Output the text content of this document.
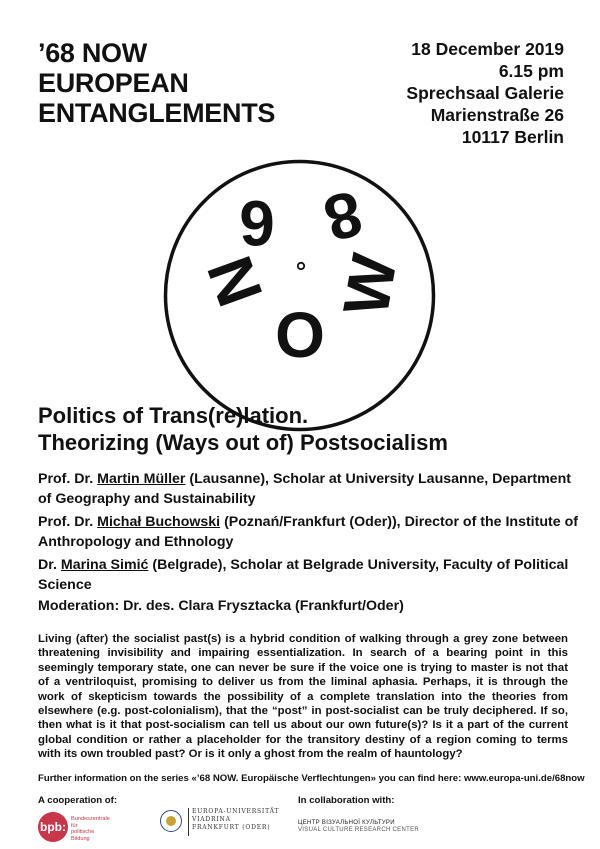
’68 NOW
EUROPEAN
ENTANGLEMENTS
18 December 2019
6.15 pm
Sprechsaal Galerie
Marienstraße 26
10117 Berlin
6 8
N
O
W
Politics of Trans(re)lation.
Theorizing (Ways out of) Postsocialism
Prof. Dr. Martin Müller (Lausanne), Scholar at University Lausanne, Department of Geography and Sustainability
Prof. Dr. Michał Buchowski (Poznań/Frankfurt (Oder)), Director of the Institute of Anthropology and Ethnology
Dr. Marina Simić (Belgrade), Scholar at Belgrade University, Faculty of Political Science
Moderation: Dr. des. Clara Frysztacka (Frankfurt/Oder)
Living (after) the socialist past(s) is a hybrid condition of walking through a grey zone between threatening invisibility and impairing essentialization. In search of a bearing point in this seemingly temporary state, one can never be sure if the voice one is trying to master is not that of a ventriloquist, promising to deliver us from the liminal aphasia. Perhaps, it is through the work of skepticism towards the possibility of a complete translation into the theories from elsewhere (e.g. post-colonialism), that the “post” in post-socialist can be truly deciphered. If so, then what is it that post-socialism can tell us about our own future(s)? Is it a part of the current global condition or rather a placeholder for the transitory destiny of a region coming to terms with its own troubled past? Or is it only a ghost from the realm of hauntology?
Further information on the series «’68 NOW. Europäische Verflechtungen» you can find here: www.europa-uni.de/68now
A cooperation of:	In collaboration with:
bpb:
Bundeszentrale für
politische Bildung
EUROPA-UNIVERSITÄT
VIADRINA
FRANKFURT (ODER)
ЦЕНТР ВІЗУАЛЬНОЇ КУЛЬТУРИ
VISUAL CULTURE RESEARCH CENTER
